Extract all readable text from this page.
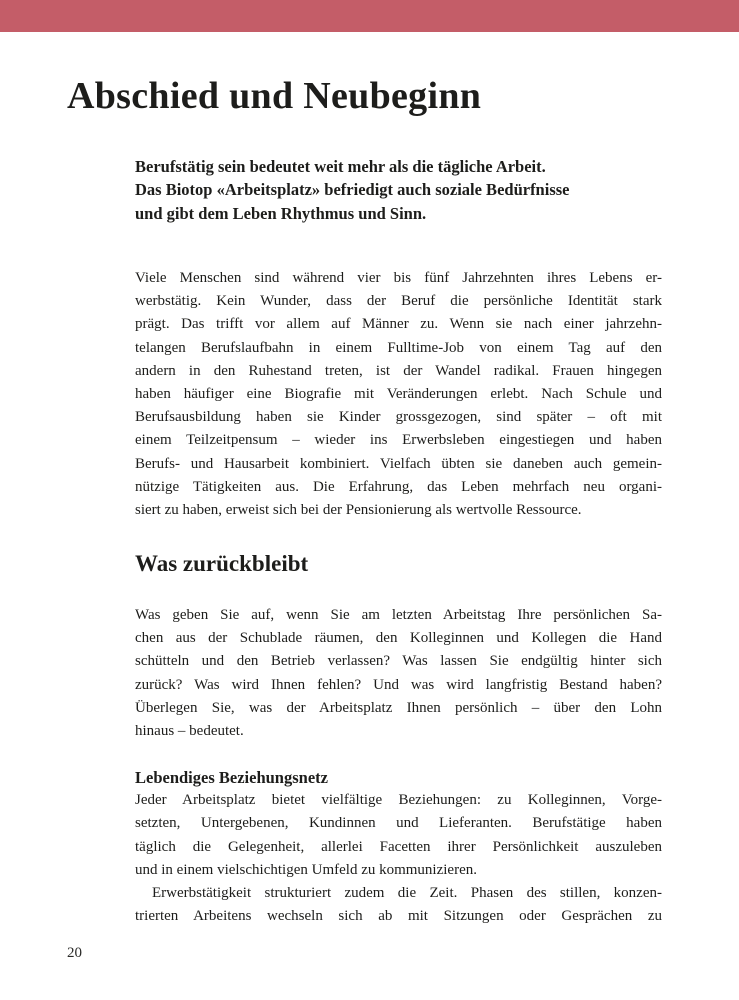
Abschied und Neubeginn
Berufstätig sein bedeutet weit mehr als die tägliche Arbeit.
Das Biotop «Arbeitsplatz» befriedigt auch soziale Bedürfnisse
und gibt dem Leben Rhythmus und Sinn.
Viele Menschen sind während vier bis fünf Jahrzehnten ihres Lebens er-
werbstätig. Kein Wunder, dass der Beruf die persönliche Identität stark
prägt. Das trifft vor allem auf Männer zu. Wenn sie nach einer jahrzehn-
telangen Berufslaufbahn in einem Fulltime-Job von einem Tag auf den
andern in den Ruhestand treten, ist der Wandel radikal. Frauen hingegen
haben häufiger eine Biografie mit Veränderungen erlebt. Nach Schule und
Berufsausbildung haben sie Kinder grossgezogen, sind später – oft mit
einem Teilzeitpensum – wieder ins Erwerbsleben eingestiegen und haben
Berufs- und Hausarbeit kombiniert. Vielfach übten sie daneben auch gemein-
nützige Tätigkeiten aus. Die Erfahrung, das Leben mehrfach neu organi-
siert zu haben, erweist sich bei der Pensionierung als wertvolle Ressource.
Was zurückbleibt
Was geben Sie auf, wenn Sie am letzten Arbeitstag Ihre persönlichen Sa-
chen aus der Schublade räumen, den Kolleginnen und Kollegen die Hand
schütteln und den Betrieb verlassen? Was lassen Sie endgültig hinter sich
zurück? Was wird Ihnen fehlen? Und was wird langfristig Bestand haben?
Überlegen Sie, was der Arbeitsplatz Ihnen persönlich – über den Lohn
hinaus – bedeutet.
Lebendiges Beziehungsnetz
Jeder Arbeitsplatz bietet vielfältige Beziehungen: zu Kolleginnen, Vorge-
setzten, Untergebenen, Kundinnen und Lieferanten. Berufstätige haben
täglich die Gelegenheit, allerlei Facetten ihrer Persönlichkeit auszuleben
und in einem vielschichtigen Umfeld zu kommunizieren.
Erwerbstätigkeit strukturiert zudem die Zeit. Phasen des stillen, konzen-
trierten Arbeitens wechseln sich ab mit Sitzungen oder Gesprächen zu
20
